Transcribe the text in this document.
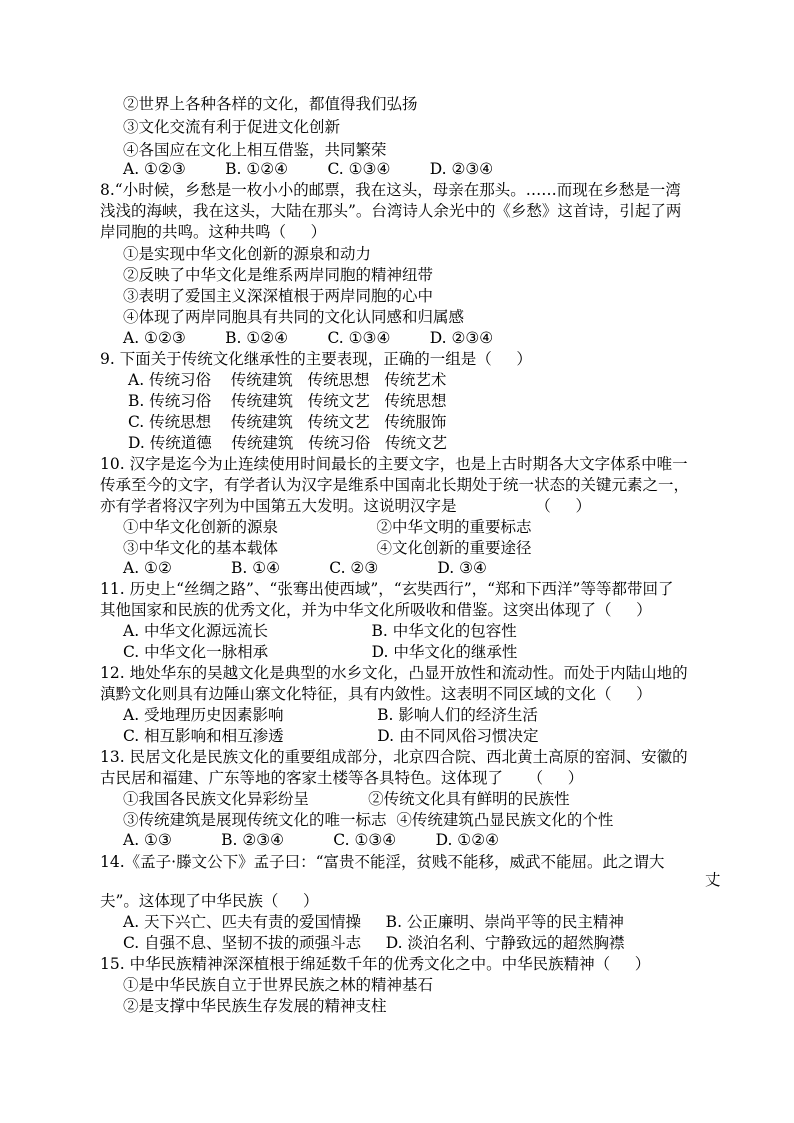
②世界上各种各样的文化，都值得我们弘扬
③文化交流有利于促进文化创新
④各国应在文化上相互借鉴，共同繁荣
A. ①②③        B. ①②④        C. ①③④        D. ②③④
8.“小时候，乡愁是一枚小小的邮票，我在这头，母亲在那头。……而现在乡愁是一湾
浅浅的海峡，我在这头，大陆在那头”。台湾诗人余光中的《乡愁》这首诗，引起了两
岸同胞的共鸣。这种共鸣（     ）
①是实现中华文化创新的源泉和动力
②反映了中华文化是维系两岸同胞的精神纽带
③表明了爱国主义深深植根于两岸同胞的心中
④体现了两岸同胞具有共同的文化认同感和归属感
A. ①②③        B. ①②④        C. ①③④        D. ②③④
9. 下面关于传统文化继承性的主要表现，正确的一组是（     ）
A. 传统习俗    传统建筑   传统思想   传统艺术
B. 传统习俗    传统建筑   传统文艺   传统思想
C. 传统思想    传统建筑   传统文艺   传统服饰
D. 传统道德    传统建筑   传统习俗   传统文艺
10. 汉字是迄今为止连续使用时间最长的主要文字，也是上古时期各大文字体系中唯一
传承至今的文字，有学者认为汉字是维系中国南北长期处于统一状态的关键元素之一，
亦有学者将汉字列为中国第五大发明。这说明汉字是                （     ）
①中华文化创新的源泉                    ②中华文明的重要标志
③中华文化的基本载体                    ④文化创新的重要途径
A. ①②            B. ①④          C. ②③            D. ③④
11. 历史上“丝绸之路”、“张骞出使西域”，“玄奘西行”，“郑和下西洋”等等都带回了
其他国家和民族的优秀文化，并为中华文化所吸收和借鉴。这突出体现了（     ）
A. 中华文化源远流长                     B. 中华文化的包容性
C. 中华文化一脉相承                     D. 中华文化的继承性
12. 地处华东的吴越文化是典型的水乡文化，凸显开放性和流动性。而处于内陆山地的
滇黔文化则具有边陲山寨文化特征，具有内敛性。这表明不同区域的文化（     ）
A. 受地理历史因素影响                   B. 影响人们的经济生活
C. 相互影响和相互渗透                   D. 由不同风俗习惯决定
13. 民居文化是民族文化的重要组成部分，北京四合院、西北黄土高原的窑洞、安徽的
古民居和福建、广东等地的客家土楼等各具特色。这体现了     （     ）
①我国各民族文化异彩纷呈            ②传统文化具有鲜明的民族性
③传统建筑是展现传统文化的唯一标志  ④传统建筑凸显民族文化的个性
A. ①③          B. ②③④          C. ①③④        D. ①②④
14.《孟子·滕文公下》孟子曰：“富贵不能淫，贫贱不能移，威武不能屈。此之谓大
丈
夫”。这体现了中华民族（     ）
A. 天下兴亡、匹夫有责的爱国情操     B. 公正廉明、崇尚平等的民主精神
C. 自强不息、坚韧不拔的顽强斗志     D. 淡泊名利、宁静致远的超然胸襟
15. 中华民族精神深深植根于绵延数千年的优秀文化之中。中华民族精神（     ）
①是中华民族自立于世界民族之林的精神基石
②是支撑中华民族生存发展的精神支柱
